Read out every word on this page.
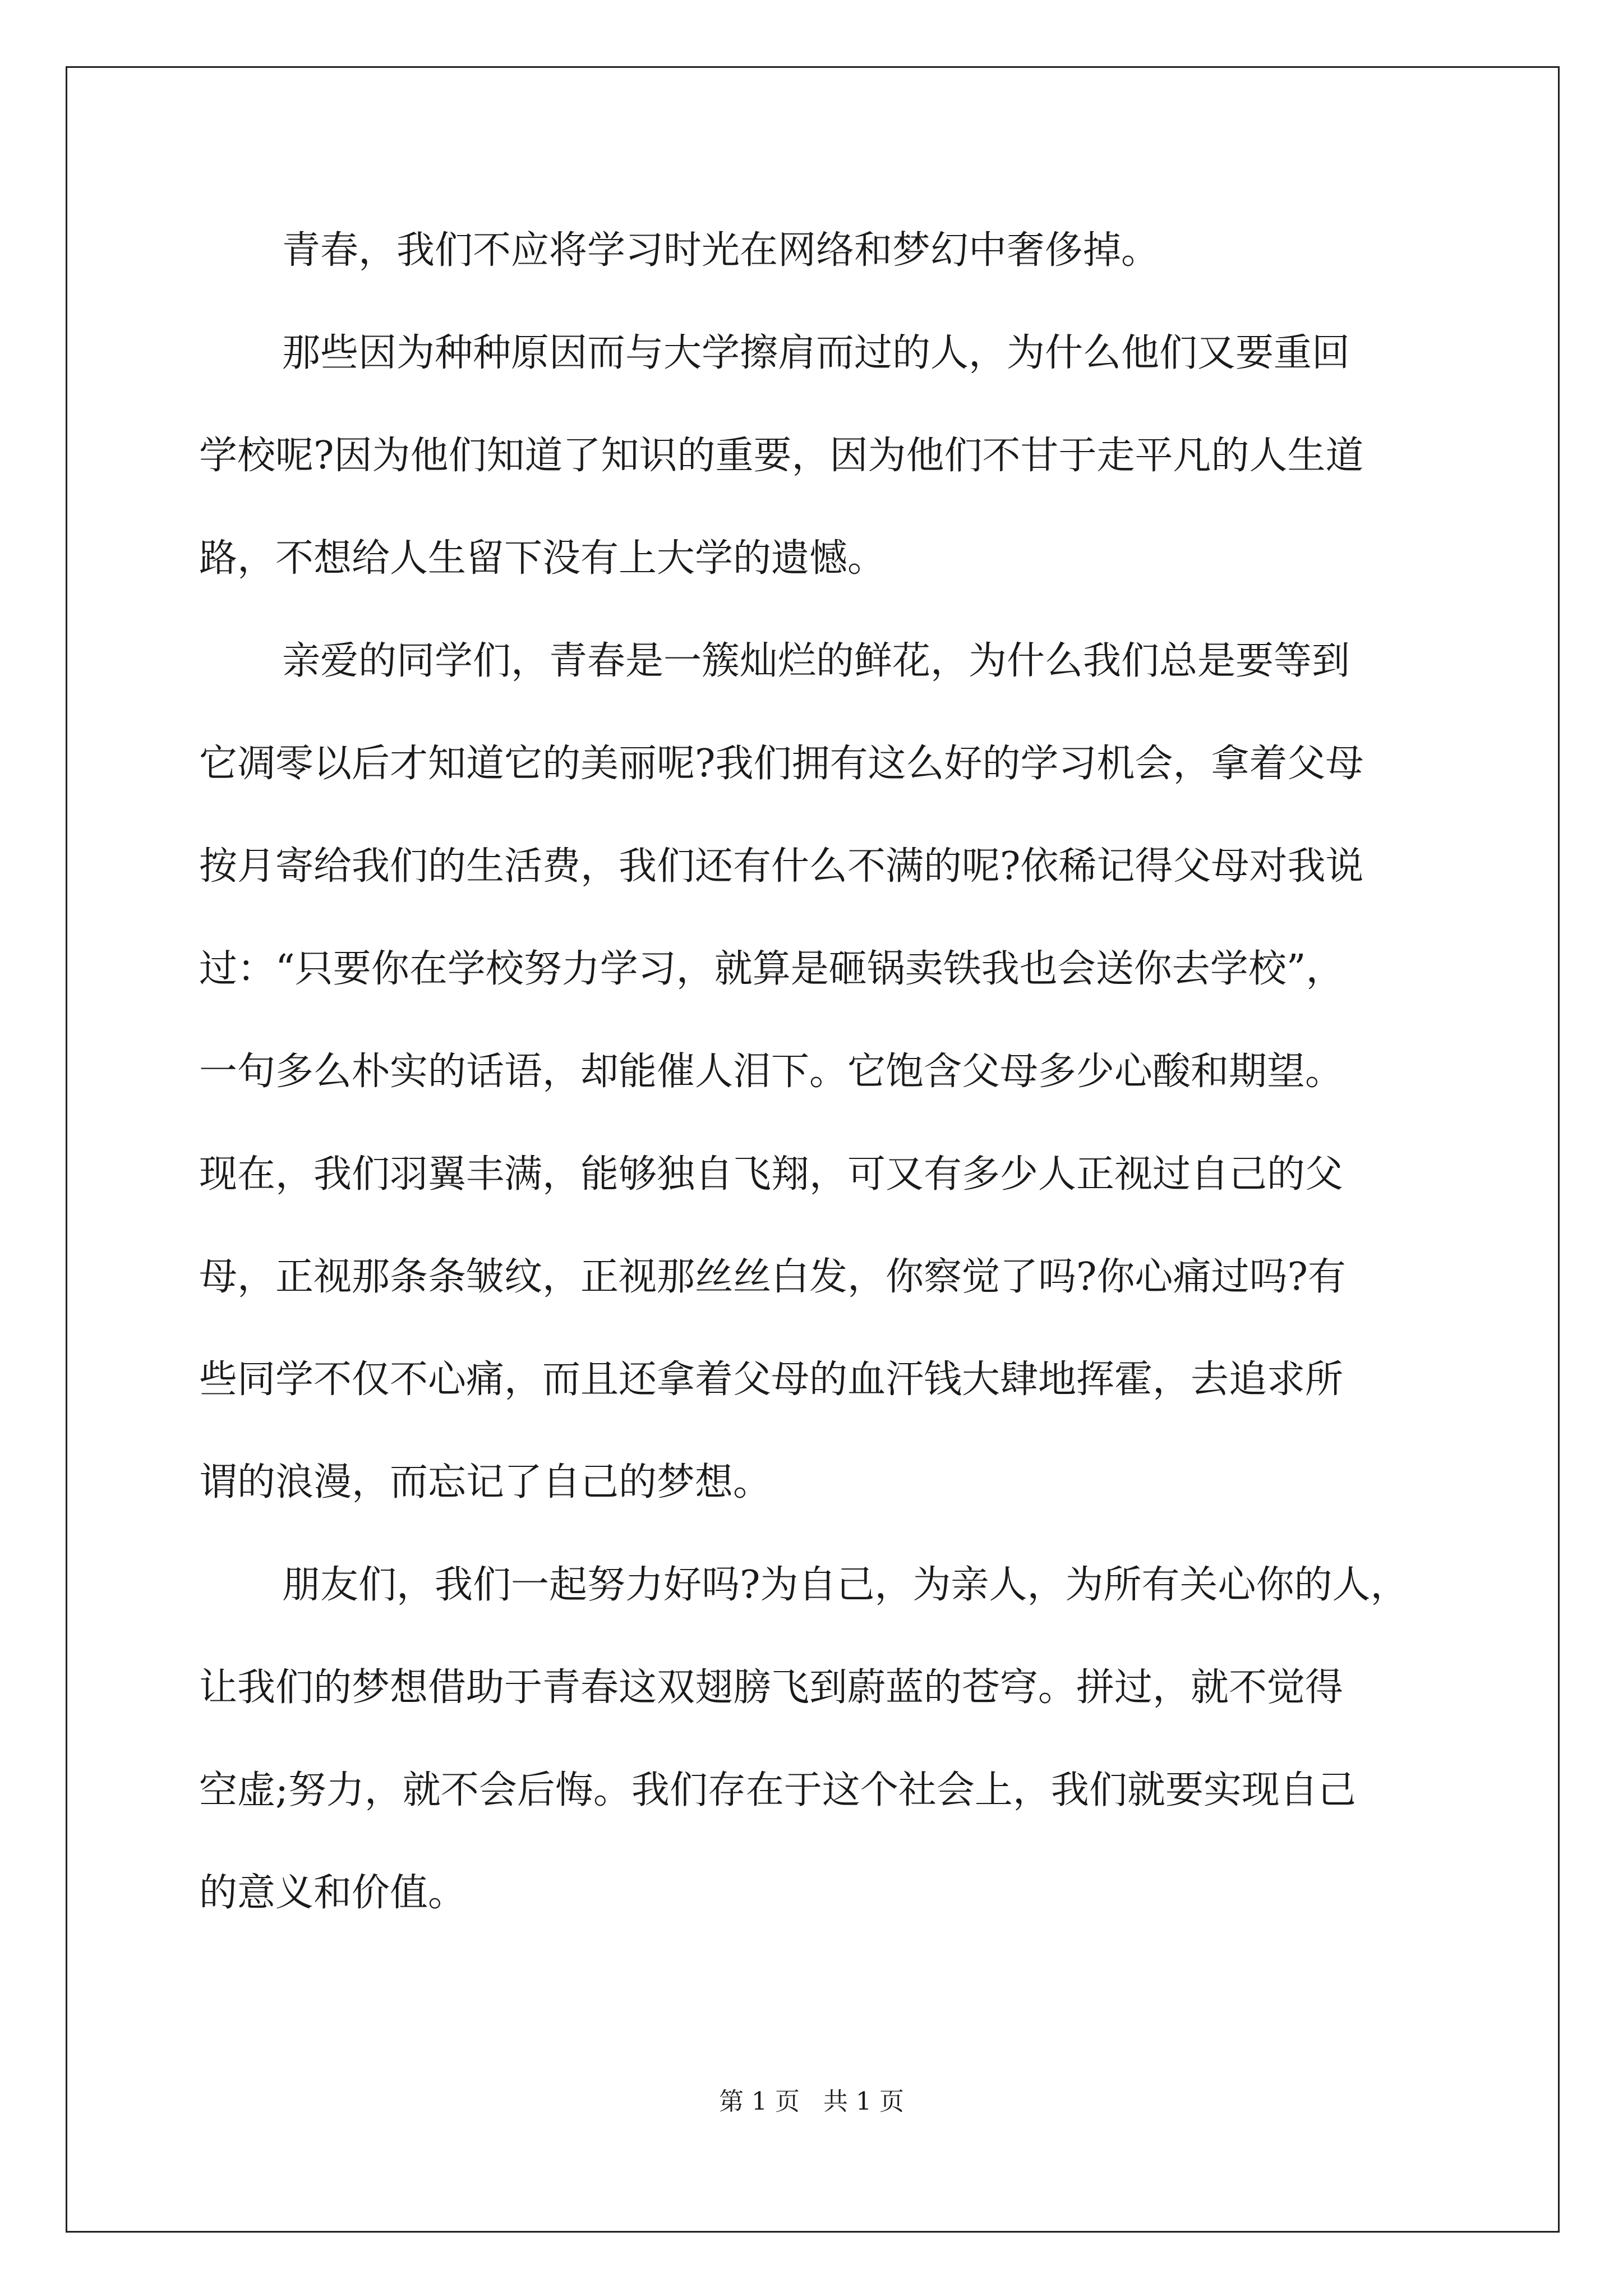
青春，我们不应将学习时光在网络和梦幻中奢侈掉。

那些因为种种原因而与大学擦肩而过的人，为什么他们又要重回
学校呢?因为他们知道了知识的重要，因为他们不甘于走平凡的人生道
路，不想给人生留下没有上大学的遗憾。

亲爱的同学们，青春是一簇灿烂的鲜花，为什么我们总是要等到
它凋零以后才知道它的美丽呢?我们拥有这么好的学习机会，拿着父母
按月寄给我们的生活费，我们还有什么不满的呢?依稀记得父母对我说
过：“只要你在学校努力学习，就算是砸锅卖铁我也会送你去学校”，
一句多么朴实的话语，却能催人泪下。它饱含父母多少心酸和期望。
现在，我们羽翼丰满，能够独自飞翔，可又有多少人正视过自己的父
母，正视那条条皱纹，正视那丝丝白发，你察觉了吗?你心痛过吗?有
些同学不仅不心痛，而且还拿着父母的血汗钱大肆地挥霍，去追求所
谓的浪漫，而忘记了自己的梦想。

朋友们，我们一起努力好吗?为自己，为亲人，为所有关心你的人，
让我们的梦想借助于青春这双翅膀飞到蔚蓝的苍穹。拼过，就不觉得
空虚;努力，就不会后悔。我们存在于这个社会上，我们就要实现自己
的意义和价值。

第 1 页   共 1 页
